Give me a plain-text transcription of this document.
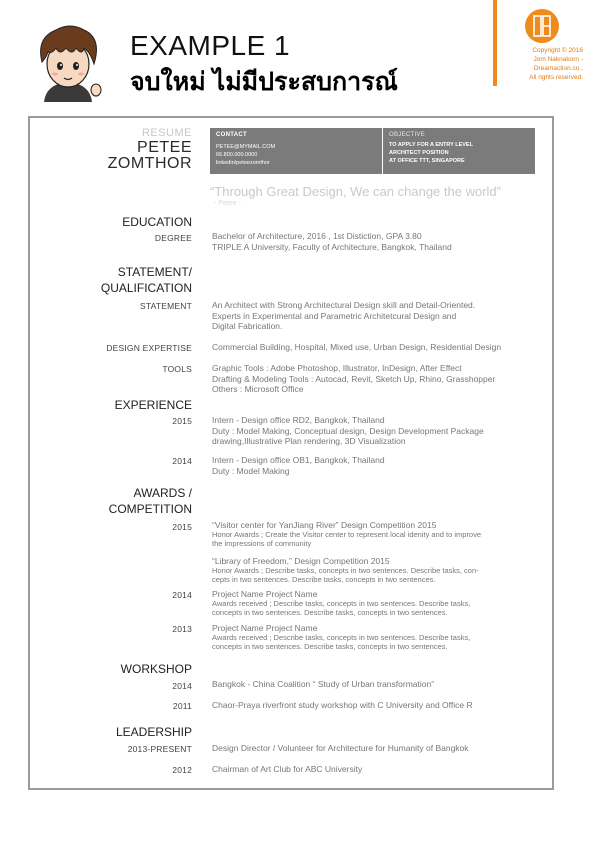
EXAMPLE 1
จบใหม่ ไม่มีประสบการณ์
Copyright © 2016
Jom Naknakorn -
Dreamaction.co ,
All rights reserved.
RESUME
PETEE
ZOMTHOR
CONTACT
PETEE@MYMAIL.COM
66.800.000.0000
linkedin/peteezomthor
OBJECTIVE
TO APPLY FOR A ENTRY LEVEL
ARCHITECT POSITION
AT OFFICE TTT, SINGAPORE
“Through Great Design, We can change the world”
- Petee -
EDUCATION
DEGREE Bachelor of Architecture, 2016 , 1st Distiction, GPA 3.80
TRIPLE A University, Faculty of Architecture, Bangkok, Thailand
STATEMENT/
QUALIFICATION
STATEMENT An Architect with Strong Architectural Design skill and Detail-Oriented.
Experts in Experimental and Parametric Architetcural Design and
Digital Fabrication.
DESIGN EXPERTISE Commercial Building, Hospital, Mixed use, Urban Design, Residential Design
TOOLS Graphic Tools : Adobe Photoshop, Illustrator, InDesign, After Effect
Drafting & Modeling Tools : Autocad, Revit, Sketch Up, Rhino, Grasshopper
Others : Microsoft Office
EXPERIENCE
2015 Intern - Design office RD2, Bangkok, Thailand
Duty : Model Making, Conceptual design, Design Development Package
drawing,Illustrative Plan rendering, 3D Visualization
2014 Intern - Design office OB1, Bangkok, Thailand
Duty : Model Making
AWARDS /
COMPETITION
2015 “Visitor center for YanJiang River” Design Competition 2015
Honor Awards ; Create the Visitor center to represent local idenity and to improve
the impressions of community
“Library of Freedom,” Design Competition 2015
Honor Awards ; Describe tasks, concepts in two sentences. Describe tasks, con-
cepts in two sentences. Describe tasks, concepts in two sentences.
2014 Project Name Project Name
Awards received ; Describe tasks, concepts in two sentences. Describe tasks,
concepts in two sentences. Describe tasks, concepts in two sentences.
2013 Project Name Project Name
Awards received ; Describe tasks, concepts in two sentences. Describe tasks,
concepts in two sentences. Describe tasks, concepts in two sentences.
WORKSHOP
2014 Bangkok - China Coalition “ Study of Urban transformation”
2011 Chaor-Praya riverfront study workshop with C University and Office R
LEADERSHIP
2013-PRESENT Design Director / Volunteer for Architecture for Humanity of Bangkok
2012 Chairman of Art Club for ABC University
